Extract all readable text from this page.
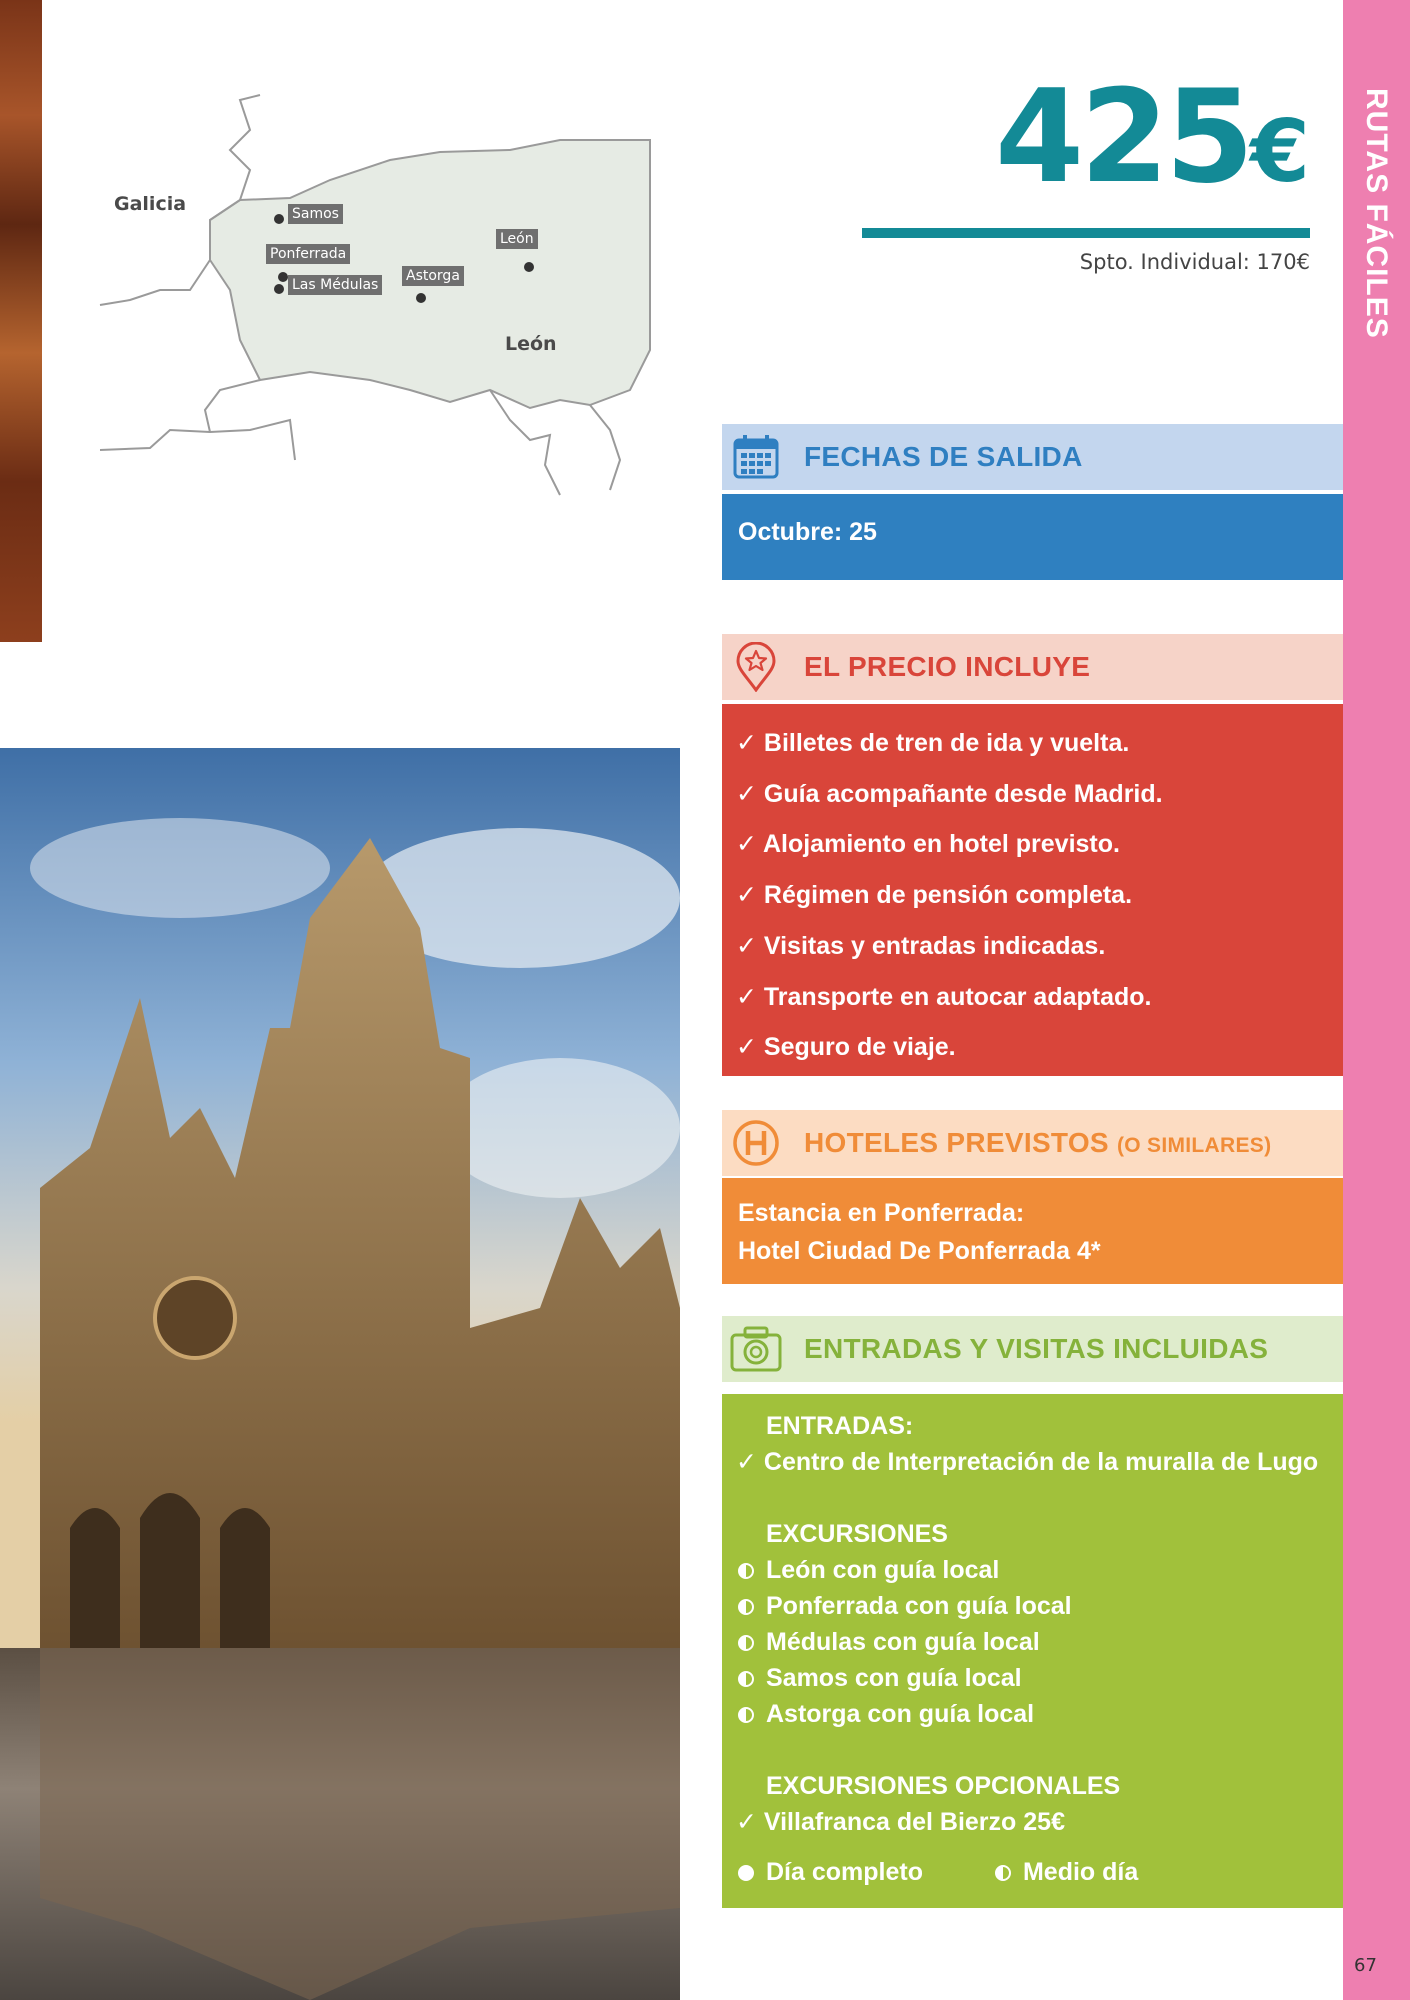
Galicia
León
Samos
Ponferrada
Las Médulas
Astorga
León
425€
Spto. Individual: 170€	RUTAS FÁCILES
67
FECHAS DE SALIDA
Octubre: 25
EL PRECIO INCLUYE
✓ Billetes de tren de ida y vuelta.
✓ Guía acompañante desde Madrid.
✓ Alojamiento en hotel previsto.
✓ Régimen de pensión completa.
✓ Visitas y entradas indicadas.
✓ Transporte en autocar adaptado.
✓ Seguro de viaje.
HOTELES PREVISTOS (O SIMILARES)
Estancia en Ponferrada:
Hotel Ciudad De Ponferrada 4*
ENTRADAS Y VISITAS INCLUIDAS
ENTRADAS:
✓ Centro de Interpretación de la muralla de Lugo
EXCURSIONES
León con guía local
Ponferrada con guía local
Médulas con guía local
Samos con guía local
Astorga con guía local
EXCURSIONES OPCIONALES
✓ Villafranca del Bierzo 25€
Día completo	Medio día
